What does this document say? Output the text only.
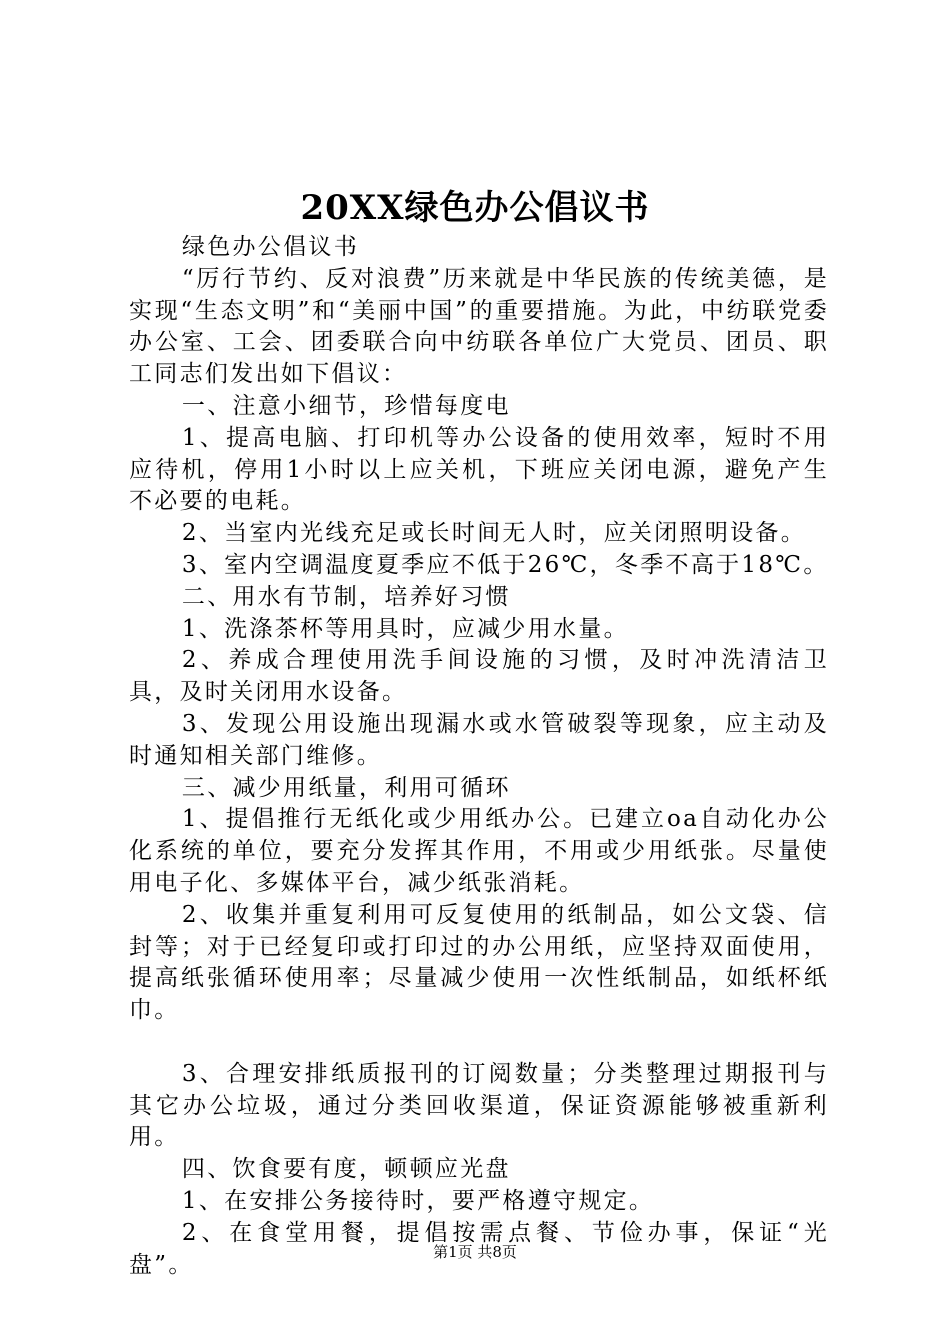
20XX绿色办公倡议书

绿色办公倡议书

“厉行节约、反对浪费”历来就是中华民族的传统美德，是实现“生态文明”和“美丽中国”的重要措施。为此，中纺联党委办公室、工会、团委联合向中纺联各单位广大党员、团员、职工同志们发出如下倡议：

一、注意小细节，珍惜每度电

1、提高电脑、打印机等办公设备的使用效率，短时不用应待机，停用1小时以上应关机，下班应关闭电源，避免产生不必要的电耗。

2、当室内光线充足或长时间无人时，应关闭照明设备。

3、室内空调温度夏季应不低于26℃，冬季不高于18℃。

二、用水有节制，培养好习惯

1、洗涤茶杯等用具时，应减少用水量。

2、养成合理使用洗手间设施的习惯，及时冲洗清洁卫具，及时关闭用水设备。

3、发现公用设施出现漏水或水管破裂等现象，应主动及时通知相关部门维修。

三、减少用纸量，利用可循环

1、提倡推行无纸化或少用纸办公。已建立oa自动化办公化系统的单位，要充分发挥其作用，不用或少用纸张。尽量使用电子化、多媒体平台，减少纸张消耗。

2、收集并重复利用可反复使用的纸制品，如公文袋、信封等；对于已经复印或打印过的办公用纸，应坚持双面使用，提高纸张循环使用率；尽量减少使用一次性纸制品，如纸杯纸巾。

3、合理安排纸质报刊的订阅数量；分类整理过期报刊与其它办公垃圾，通过分类回收渠道，保证资源能够被重新利用。

四、饮食要有度，顿顿应光盘

1、在安排公务接待时，要严格遵守规定。

2、在食堂用餐，提倡按需点餐、节俭办事，保证“光盘”。	第1页 共8页
